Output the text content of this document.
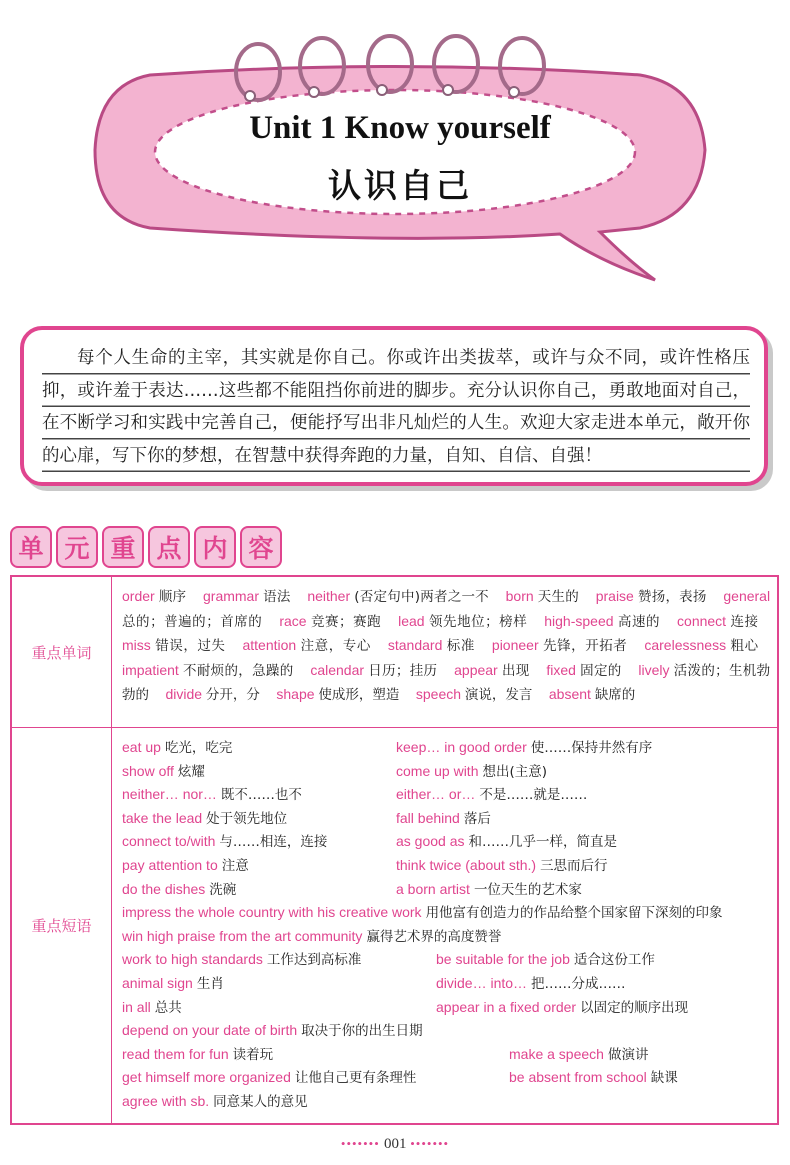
Unit 1 Know yourself
认识自己
每个人生命的主宰，其实就是你自己。你或许出类拔萃，或许与众不同，或许性格压抑，或许羞于表达……这些都不能阻挡你前进的脚步。充分认识你自己，勇敢地面对自己，在不断学习和实践中完善自己，便能抒写出非凡灿烂的人生。欢迎大家走进本单元，敞开你的心扉，写下你的梦想，在智慧中获得奔跑的力量，自知、自信、自强！
单 元 重 点 内 容
重点单词
order 顺序 grammar 语法 neither (否定句中)两者之一不 born 天生的 praise 赞扬，表扬 general 总的；普遍的；首席的 race 竞赛；赛跑 lead 领先地位；榜样 high-speed 高速的 connect 连接 miss 错误，过失 attention 注意，专心 standard 标准 pioneer 先锋，开拓者 carelessness 粗心 impatient 不耐烦的，急躁的 calendar 日历；挂历 appear 出现 fixed 固定的 lively 活泼的；生机勃勃的 divide 分开，分 shape 使成形，塑造 speech 演说，发言 absent 缺席的
重点短语
eat up 吃光，吃完	keep… in good order 使……保持井然有序
show off 炫耀	come up with 想出(主意)
neither… nor… 既不……也不	either… or… 不是……就是……
take the lead 处于领先地位	fall behind 落后
connect to/with 与……相连，连接	as good as 和……几乎一样，简直是
pay attention to 注意	think twice (about sth.) 三思而后行
do the dishes 洗碗	a born artist 一位天生的艺术家
impress the whole country with his creative work 用他富有创造力的作品给整个国家留下深刻的印象
win high praise from the art community 赢得艺术界的高度赞誉
work to high standards 工作达到高标准	be suitable for the job 适合这份工作
animal sign 生肖	divide… into… 把……分成……
in all 总共	appear in a fixed order 以固定的顺序出现
depend on your date of birth 取决于你的出生日期
read them for fun 读着玩	make a speech 做演讲
get himself more organized 让他自己更有条理性	be absent from school 缺课
agree with sb. 同意某人的意见
••••••• 001 •••••••
